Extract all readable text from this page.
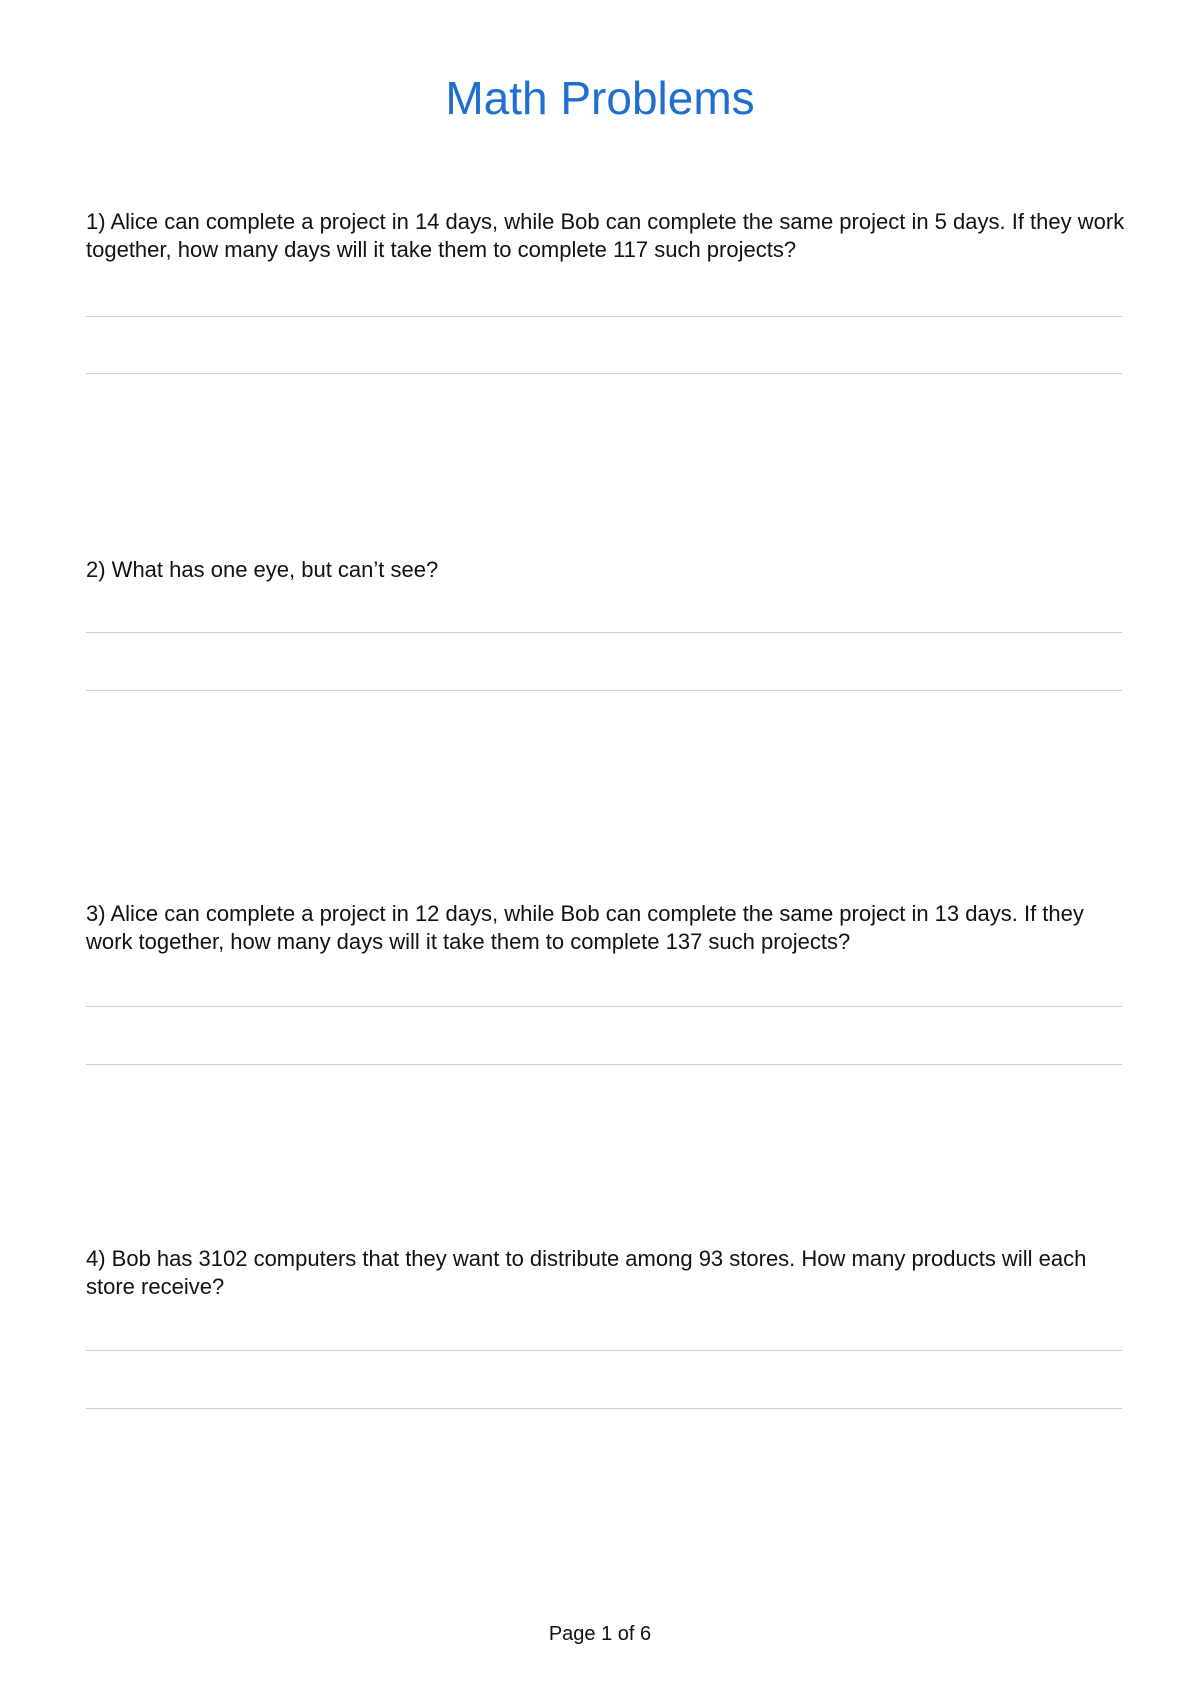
Math Problems

1) Alice can complete a project in 14 days, while Bob can complete the same project in 5 days. If they work together, how many days will it take them to complete 117 such projects?

2) What has one eye, but can’t see?

3) Alice can complete a project in 12 days, while Bob can complete the same project in 13 days. If they work together, how many days will it take them to complete 137 such projects?

4) Bob has 3102 computers that they want to distribute among 93 stores. How many products will each store receive?

Page 1 of 6
